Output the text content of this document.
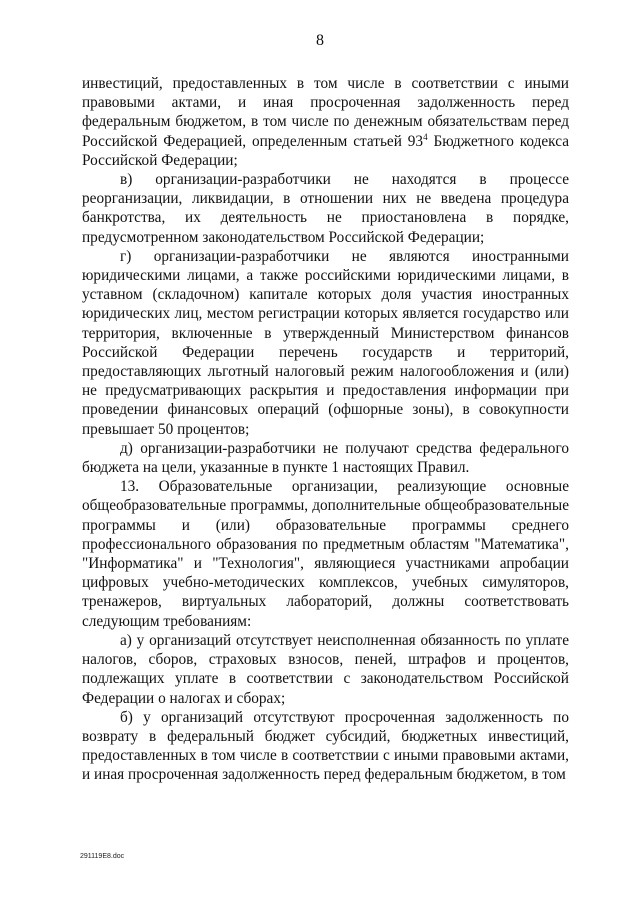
8

инвестиций, предоставленных в том числе в соответствии с иными правовыми актами, и иная просроченная задолженность перед федеральным бюджетом, в том числе по денежным обязательствам перед Российской Федерацией, определенным статьей $93^4$ Бюджетного кодекса Российской Федерации;

в) организации-разработчики не находятся в процессе реорганизации, ликвидации, в отношении них не введена процедура банкротства, их деятельность не приостановлена в порядке, предусмотренном законодательством Российской Федерации;

г) организации-разработчики не являются иностранными юридическими лицами, а также российскими юридическими лицами, в уставном (складочном) капитале которых доля участия иностранных юридических лиц, местом регистрации которых является государство или территория, включенные в утвержденный Министерством финансов Российской Федерации перечень государств и территорий, предоставляющих льготный налоговый режим налогообложения и (или) не предусматривающих раскрытия и предоставления информации при проведении финансовых операций (офшорные зоны), в совокупности превышает 50 процентов;

д) организации-разработчики не получают средства федерального бюджета на цели, указанные в пункте 1 настоящих Правил.

13. Образовательные организации, реализующие основные общеобразовательные программы, дополнительные общеобразовательные программы и (или) образовательные программы среднего профессионального образования по предметным областям "Математика", "Информатика" и "Технология", являющиеся участниками апробации цифровых учебно-методических комплексов, учебных симуляторов, тренажеров, виртуальных лабораторий, должны соответствовать следующим требованиям:

а) у организаций отсутствует неисполненная обязанность по уплате налогов, сборов, страховых взносов, пеней, штрафов и процентов, подлежащих уплате в соответствии с законодательством Российской Федерации о налогах и сборах;

б) у организаций отсутствуют просроченная задолженность по возврату в федеральный бюджет субсидий, бюджетных инвестиций, предоставленных в том числе в соответствии с иными правовыми актами, и иная просроченная задолженность перед федеральным бюджетом, в том

291119E8.doc
